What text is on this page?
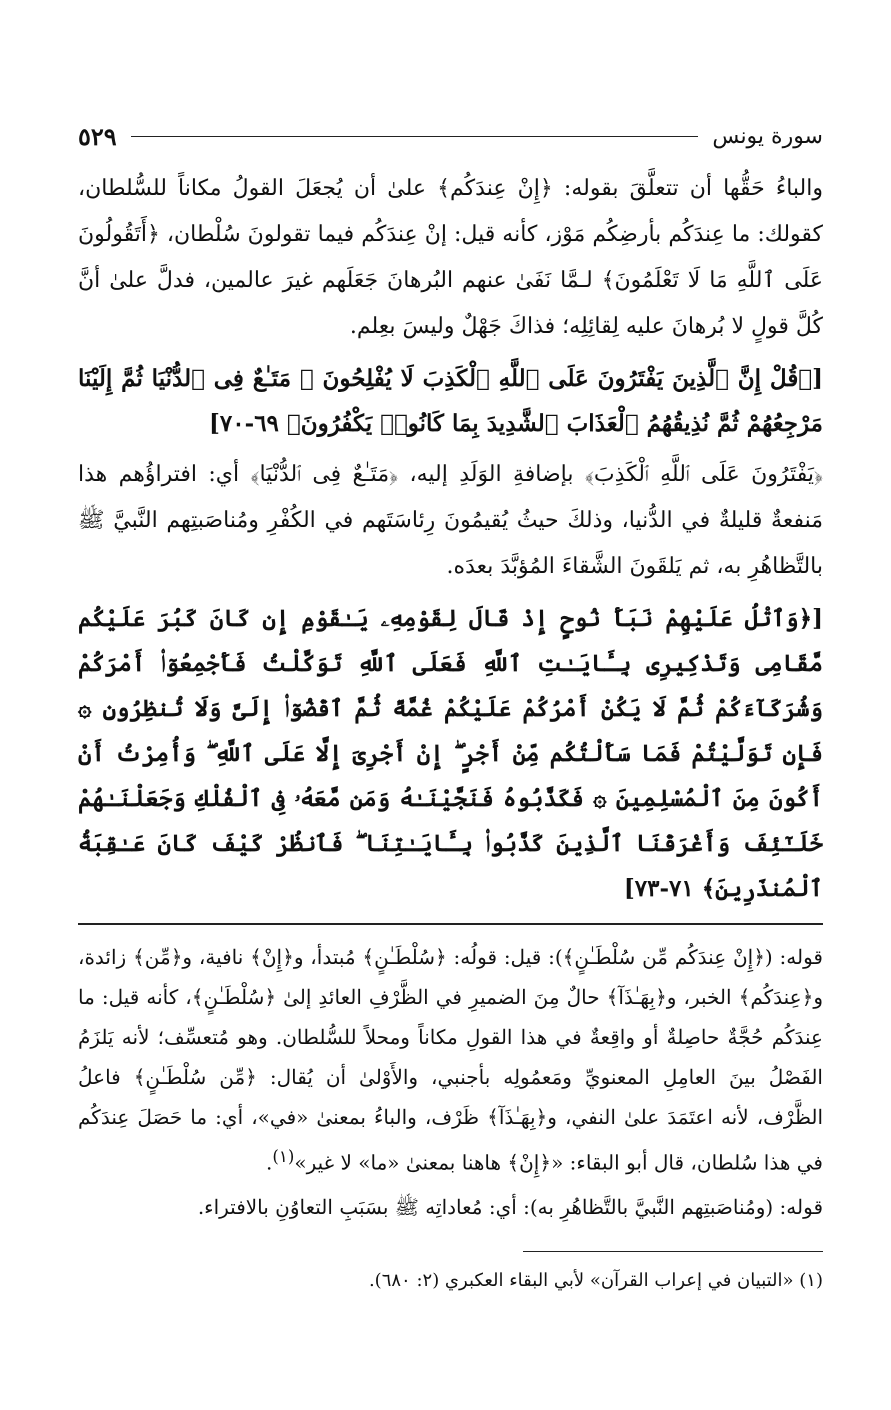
سورة يونس
٥٢٩

والباءُ حَقُّها أن تتعلَّقَ بقوله: ﴿إِنْ عِندَكُم﴾ علىٰ أن يُجعَلَ القولُ مكاناً للسُّلطان، كقولك: ما عِندَكُم بأرضِكُم مَوْز، كأنه قيل: إنْ عِندَكُم فيما تقولونَ سُلْطان، ﴿أَتَقُولُونَ عَلَى ٱللَّهِ مَا لَا تَعْلَمُونَ﴾ لـمَّا نَفَىٰ عنهم البُرهانَ جَعَلَهم غيرَ عالمين، فدلَّ علىٰ أنَّ كُلَّ قولٍ لا بُرهانَ عليه لِقائِلِه؛ فذاكَ جَهْلٌ وليسَ بعِلم.

[﴿قُلْ إِنَّ ٱلَّذِينَ يَفْتَرُونَ عَلَى ٱللَّهِ ٱلْكَذِبَ لَا يُفْلِحُونَ ۞ مَتَـٰعٌ فِى ٱلدُّنْيَا ثُمَّ إِلَيْنَا مَرْجِعُهُمْ ثُمَّ نُذِيقُهُمُ ٱلْعَذَابَ ٱلشَّدِيدَ بِمَا كَانُوا۟ يَكْفُرُونَ﴾ ٦٩-٧٠]

﴿يَفْتَرُونَ عَلَى ٱللَّهِ ٱلْكَذِبَ﴾ بإضافةِ الوَلَدِ إليه، ﴿مَتَـٰعٌ فِى ٱلدُّنْيَا﴾ أي: افتراؤُهم هذا مَنفعةٌ قليلةٌ في الدُّنيا، وذلكَ حيثُ يُقيمُونَ رِئاسَتَهم في الكُفْرِ ومُناصَبتِهم النَّبيَّ ﷺ بالتَّظاهُرِ به، ثم يَلقَونَ الشَّقاءَ المُؤبَّدَ بعدَه.

[﴿وَٱتْلُ عَلَيْهِمْ نَبَأَ نُوحٍ إِذْ قَالَ لِقَوْمِهِۦ يَـٰقَوْمِ إِن كَانَ كَبُرَ عَلَيْكُم مَّقَامِى وَتَذْكِيرِى بِـَٔايَـٰتِ ٱللَّهِ فَعَلَى ٱللَّهِ تَوَكَّلْتُ فَأَجْمِعُوٓا۟ أَمْرَكُمْ وَشُرَكَآءَكُمْ ثُمَّ لَا يَكُنْ أَمْرُكُمْ عَلَيْكُمْ غُمَّةً ثُمَّ ٱقْضُوٓا۟ إِلَىَّ وَلَا تُنظِرُونِ ۞ فَإِن تَوَلَّيْتُمْ فَمَا سَأَلْتُكُم مِّنْ أَجْرٍ ۖ إِنْ أَجْرِىَ إِلَّا عَلَى ٱللَّهِ ۖ وَأُمِرْتُ أَنْ أَكُونَ مِنَ ٱلْمُسْلِمِينَ ۞ فَكَذَّبُوهُ فَنَجَّيْنَـٰهُ وَمَن مَّعَهُۥ فِى ٱلْفُلْكِ وَجَعَلْنَـٰهُمْ خَلَـٰٓئِفَ وَأَغْرَقْنَا ٱلَّذِينَ كَذَّبُوا۟ بِـَٔايَـٰتِنَا ۖ فَٱنظُرْ كَيْفَ كَانَ عَـٰقِبَةُ ٱلْمُنذَرِينَ﴾ ٧١-٧٣]

قوله: (﴿إِنْ عِندَكُم مِّن سُلْطَـٰنٍ﴾): قيل: قولُه: ﴿سُلْطَـٰنٍ﴾ مُبتدأ، و﴿إِنْ﴾ نافية، و﴿مِّن﴾ زائدة، و﴿عِندَكُم﴾ الخبر، و﴿بِهَـٰذَآ﴾ حالٌ مِنَ الضميرِ في الظَّرْفِ العائدِ إلىٰ ﴿سُلْطَـٰنٍ﴾، كأنه قيل: ما عِندَكُم حُجَّةٌ حاصِلةٌ أو واقِعةٌ في هذا القولِ مكاناً ومحلاً للسُّلطان. وهو مُتعسِّف؛ لأنه يَلزَمُ الفَصْلُ بينَ العامِلِ المعنويِّ ومَعمُولِه بأجنبي، والأَوْلىٰ أن يُقال: ﴿مِّن سُلْطَـٰنٍ﴾ فاعلُ الظَّرْف، لأنه اعتَمَدَ علىٰ النفي، و﴿بِهَـٰذَآ﴾ ظَرْف، والباءُ بمعنىٰ «في»، أي: ما حَصَلَ عِندَكُم في هذا سُلطان، قال أبو البقاء: «﴿إِنْ﴾ هاهنا بمعنىٰ «ما» لا غير»$^{(١)}$.

قوله: (ومُناصَبتِهم النَّبيَّ بالتَّظاهُرِ به): أي: مُعاداتِه ﷺ بسَبَبِ التعاوُنِ بالافتراء.

(١) «التبيان في إعراب القرآن» لأبي البقاء العكبري (٢: ٦٨٠).
